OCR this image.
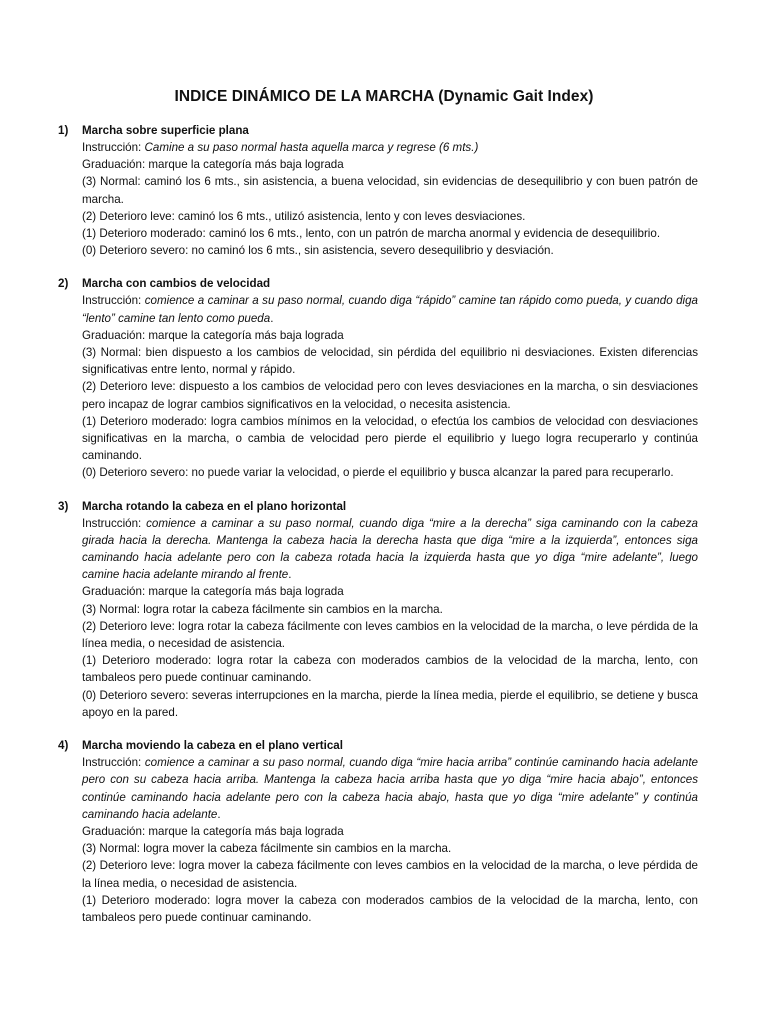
INDICE DINÁMICO DE LA MARCHA (Dynamic Gait Index)
1)	Marcha sobre superficie plana

Instrucción: Camine a su paso normal hasta aquella marca y regrese (6 mts.)

Graduación: marque la categoría más baja lograda

(3) Normal: caminó los 6 mts., sin asistencia, a buena velocidad, sin evidencias de desequilibrio y con buen patrón de marcha.

(2) Deterioro leve: caminó los 6 mts., utilizó asistencia, lento y con leves desviaciones.

(1) Deterioro moderado: caminó los 6 mts., lento, con un patrón de marcha anormal y evidencia de desequilibrio.

(0) Deterioro severo: no caminó los 6 mts., sin asistencia, severo desequilibrio y desviación.

2)	Marcha con cambios de velocidad

Instrucción: comience a caminar a su paso normal, cuando diga “rápido” camine tan rápido como pueda, y cuando diga “lento” camine tan lento como pueda.

Graduación: marque la categoría más baja lograda

(3) Normal: bien dispuesto a los cambios de velocidad, sin pérdida del equilibrio ni desviaciones. Existen diferencias significativas entre lento, normal y rápido.

(2) Deterioro leve: dispuesto a los cambios de velocidad pero con leves desviaciones en la marcha, o sin desviaciones pero incapaz de lograr cambios significativos en la velocidad, o necesita asistencia.

(1) Deterioro moderado: logra cambios mínimos en la velocidad, o efectúa los cambios de velocidad con desviaciones significativas en la marcha, o cambia de velocidad pero pierde el equilibrio y luego logra recuperarlo y continúa caminando.

(0) Deterioro severo: no puede variar la velocidad, o pierde el equilibrio y busca alcanzar la pared para recuperarlo.

3)	Marcha rotando la cabeza en el plano horizontal

Instrucción: comience a caminar a su paso normal, cuando diga “mire a la derecha” siga caminando con la cabeza girada hacia la derecha. Mantenga la cabeza hacia la derecha hasta que diga “mire a la izquierda”, entonces siga caminando hacia adelante pero con la cabeza rotada hacia la izquierda hasta que yo diga “mire adelante”, luego camine hacia adelante mirando al frente.

Graduación: marque la categoría más baja lograda

(3) Normal: logra rotar la cabeza fácilmente sin cambios en la marcha.

(2) Deterioro leve: logra rotar la cabeza fácilmente con leves cambios en la velocidad de la marcha, o leve pérdida de la línea media, o necesidad de asistencia.

(1) Deterioro moderado: logra rotar la cabeza con moderados cambios de la velocidad de la marcha, lento, con tambaleos pero puede continuar caminando.

(0) Deterioro severo: severas interrupciones en la marcha, pierde la línea media, pierde el equilibrio, se detiene y busca apoyo en la pared.

4)	Marcha moviendo la cabeza en el plano vertical

Instrucción: comience a caminar a su paso normal, cuando diga “mire hacia arriba” continúe caminando hacia adelante pero con su cabeza hacia arriba. Mantenga la cabeza hacia arriba hasta que yo diga “mire hacia abajo”, entonces continúe caminando hacia adelante pero con la cabeza hacia abajo, hasta que yo diga “mire adelante” y continúa caminando hacia adelante.

Graduación: marque la categoría más baja lograda

(3) Normal: logra mover la cabeza fácilmente sin cambios en la marcha.

(2) Deterioro leve: logra mover la cabeza fácilmente con leves cambios en la velocidad de la marcha, o leve pérdida de la línea media, o necesidad de asistencia.

(1) Deterioro moderado: logra mover la cabeza con moderados cambios de la velocidad de la marcha, lento, con tambaleos pero puede continuar caminando.
